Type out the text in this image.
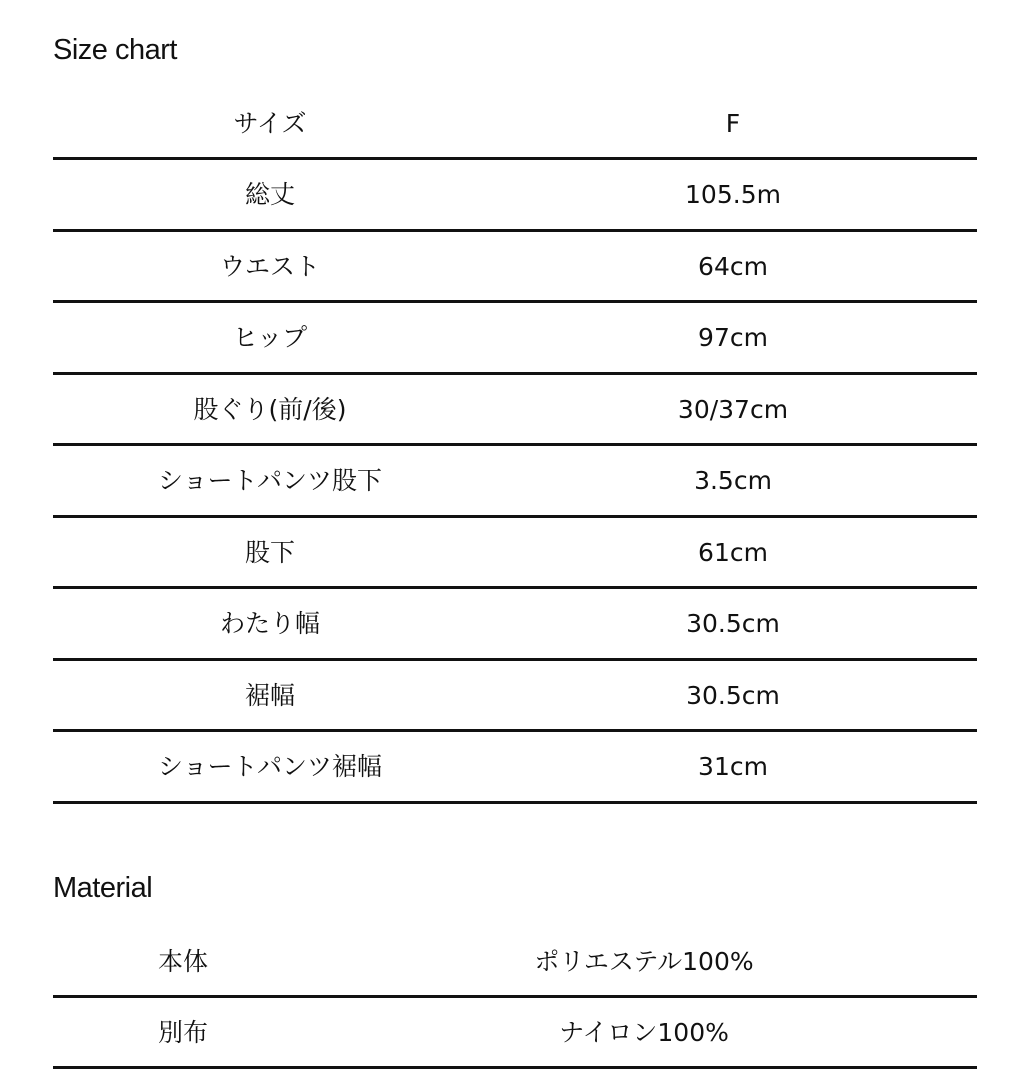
Size chart
サイズ	F
総丈	105.5m
ウエスト	64cm
ヒップ	97cm
股ぐり(前/後)	30/37cm
ショートパンツ股下	3.5cm
股下	61cm
わたり幅	30.5cm
裾幅	30.5cm
ショートパンツ裾幅	31cm
Material
本体	ポリエステル100%
別布	ナイロン100%
